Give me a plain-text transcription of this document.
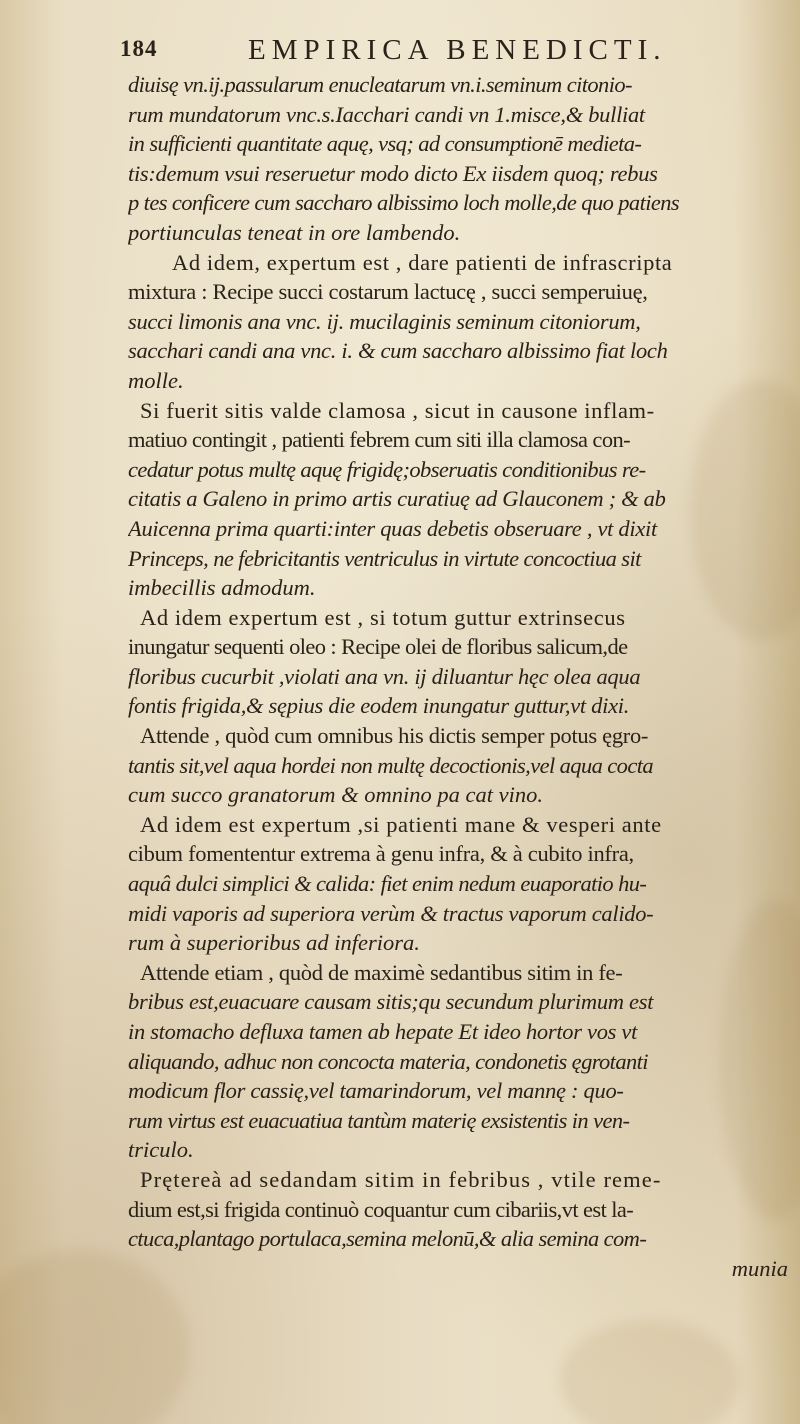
184	EMPIRICA BENEDICTI.
diuisę vn.ij.passularum enucleatarum vn.i.seminum citonio-
rum mundatorum vnc.s.Iacchari candi vn 1.misce,& bulliat
in sufficienti quantitate aquę, vsq; ad consumptionē medieta-
tis:demum vsui reseruetur modo dicto Ex iisdem quoq; rebus
p tes conficere cum saccharo albissimo loch molle,de quo patiens
portiunculas teneat in ore lambendo.
Ad idem, expertum est , dare patienti de infrascripta
mixtura : Recipe succi costarum lactucę , succi semperuiuę,
succi limonis ana vnc. ij. mucilaginis seminum citoniorum,
sacchari candi ana vnc. i. & cum saccharo albissimo fiat loch
molle.
Si fuerit sitis valde clamosa , sicut in causone inflam-
matiuo contingit , patienti febrem cum siti illa clamosa con-
cedatur potus multę aquę frigidę;obseruatis conditionibus re-
citatis a Galeno in primo artis curatiuę ad Glauconem ; & ab
Auicenna prima quarti:inter quas debetis obseruare , vt dixit
Princeps, ne febricitantis ventriculus in virtute concoctiua sit
imbecillis admodum.
Ad idem expertum est , si totum guttur extrinsecus
inungatur sequenti oleo : Recipe olei de floribus salicum,de
floribus cucurbit ,violati ana vn. ij diluantur hęc olea aqua
fontis frigida,& sępius die eodem inungatur guttur,vt dixi.
Attende , quòd cum omnibus his dictis semper potus ęgro-
tantis sit,vel aqua hordei non multę decoctionis,vel aqua cocta
cum succo granatorum & omnino pa cat vino.
Ad idem est expertum ,si patienti mane & vesperi ante
cibum fomententur extrema à genu infra, & à cubito infra,
aquâ dulci simplici & calida: fiet enim nedum euaporatio hu-
midi vaporis ad superiora verùm & tractus vaporum calido-
rum à superioribus ad inferiora.
Attende etiam , quòd de maximè sedantibus sitim in fe-
bribus est,euacuare causam sitis;qu secundum plurimum est
in stomacho defluxa tamen ab hepate Et ideo hortor vos vt
aliquando, adhuc non concocta materia, condonetis ęgrotanti
modicum flor cassię,vel tamarindorum, vel mannę : quo-
rum virtus est euacuatiua tantùm materię exsistentis in ven-
triculo.
Prętereà ad sedandam sitim in febribus , vtile reme-
dium est,si frigida continuò coquantur cum cibariis,vt est la-
ctuca,plantago portulaca,semina melonū,& alia semina com-
munia
